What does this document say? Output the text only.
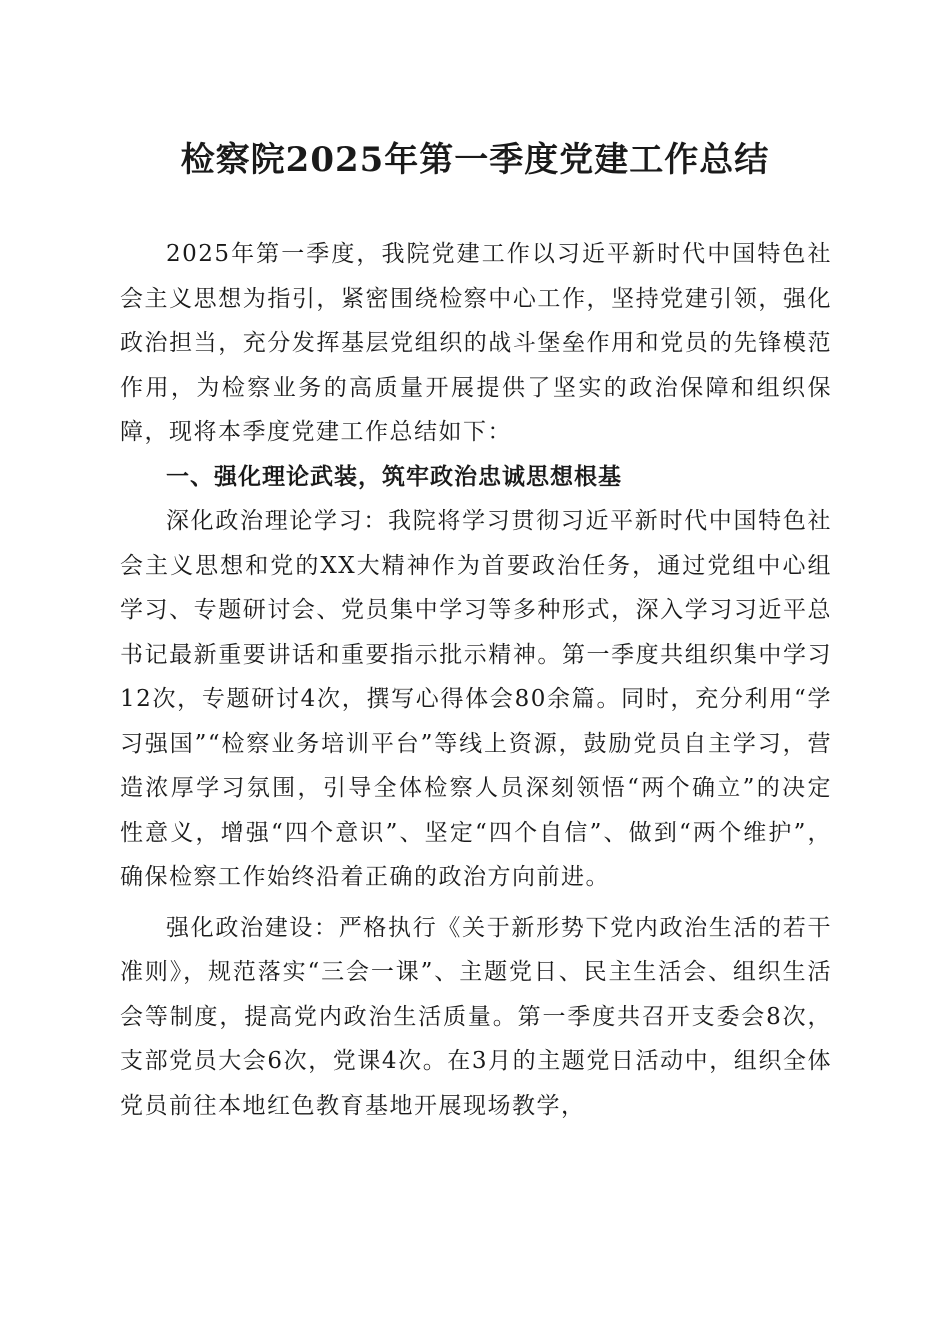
检察院2025年第一季度党建工作总结

2025年第一季度，我院党建工作以习近平新时代中国特色社会主义思想为指引，紧密围绕检察中心工作，坚持党建引领，强化政治担当，充分发挥基层党组织的战斗堡垒作用和党员的先锋模范作用，为检察业务的高质量开展提供了坚实的政治保障和组织保障，现将本季度党建工作总结如下：

一、强化理论武装，筑牢政治忠诚思想根基

深化政治理论学习：我院将学习贯彻习近平新时代中国特色社会主义思想和党的XX大精神作为首要政治任务，通过党组中心组学习、专题研讨会、党员集中学习等多种形式，深入学习习近平总书记最新重要讲话和重要指示批示精神。第一季度共组织集中学习12次，专题研讨4次，撰写心得体会80余篇。同时，充分利用“学习强国”“检察业务培训平台”等线上资源，鼓励党员自主学习，营造浓厚学习氛围，引导全体检察人员深刻领悟“两个确立”的决定性意义，增强“四个意识”、坚定“四个自信”、做到“两个维护”，确保检察工作始终沿着正确的政治方向前进。

强化政治建设：严格执行《关于新形势下党内政治生活的若干准则》，规范落实“三会一课”、主题党日、民主生活会、组织生活会等制度，提高党内政治生活质量。第一季度共召开支委会8次，支部党员大会6次，党课4次。在3月的主题党日活动中，组织全体党员前往本地红色教育基地开展现场教学，
